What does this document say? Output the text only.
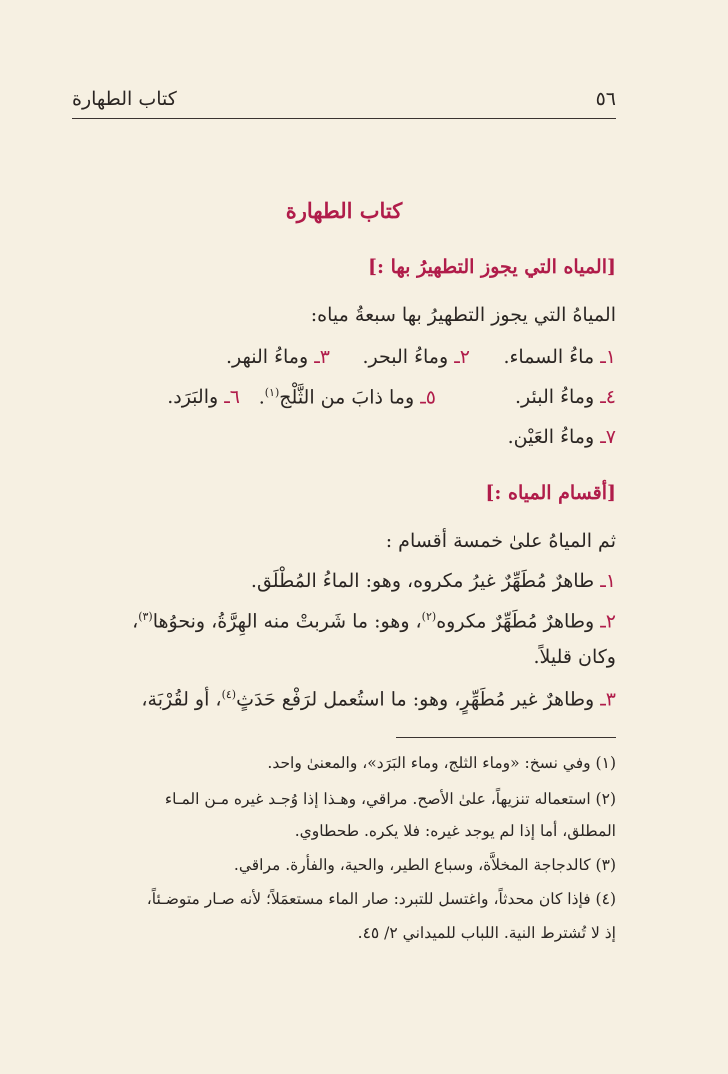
٥٦
كتاب الطهارة
كتاب الطهارة
[المياه التي يجوز التطهيرُ بها :]
المياهُ التي يجوز التطهيرُ بها سبعةُ مياه:
١ـ ماءُ السماء.
٢ـ وماءُ البحر.
٣ـ وماءُ النهر.
٤ـ وماءُ البئر.
٥ـ وما ذابَ من الثَّلْج$^{(١)}$.
٦ـ والبَرَد.
٧ـ وماءُ العَيْن.
[أقسام المياه :]
ثم المياهُ علىٰ خمسة أقسام :
١ـ طاهرٌ مُطَهِّرٌ غيرُ مكروه، وهو: الماءُ المُطْلَق.
٢ـ وطاهرٌ مُطَهِّرٌ مكروه$^{(٢)}$، وهو: ما شَربتْ منه الهِرَّةُ، ونحوُها$^{(٣)}$،
وكان قليلاً.
٣ـ وطاهرٌ غير مُطَهِّرٍ، وهو: ما استُعمل لرَفْع حَدَثٍ$^{(٤)}$، أو لقُرْبَة،
(١) وفي نسخ: «وماء الثلج، وماء البَرَد»، والمعنىٰ واحد.
(٢) استعماله تنزيهاً، علىٰ الأصح. مراقي، وهـذا إذا وُجـد غيره مـن المـاء
المطلق، أما إذا لم يوجد غيره: فلا يكره. طحطاوي.
(٣) كالدجاجة المخلاَّة، وسباع الطير، والحية، والفأرة. مراقي.
(٤) فإذا كان محدثاً، واغتسل للتبرد: صار الماء مستعمَلاً؛ لأنه صـار متوضـئاً،
إذ لا تُشترط النية. اللباب للميداني ٢/ ٤٥.
